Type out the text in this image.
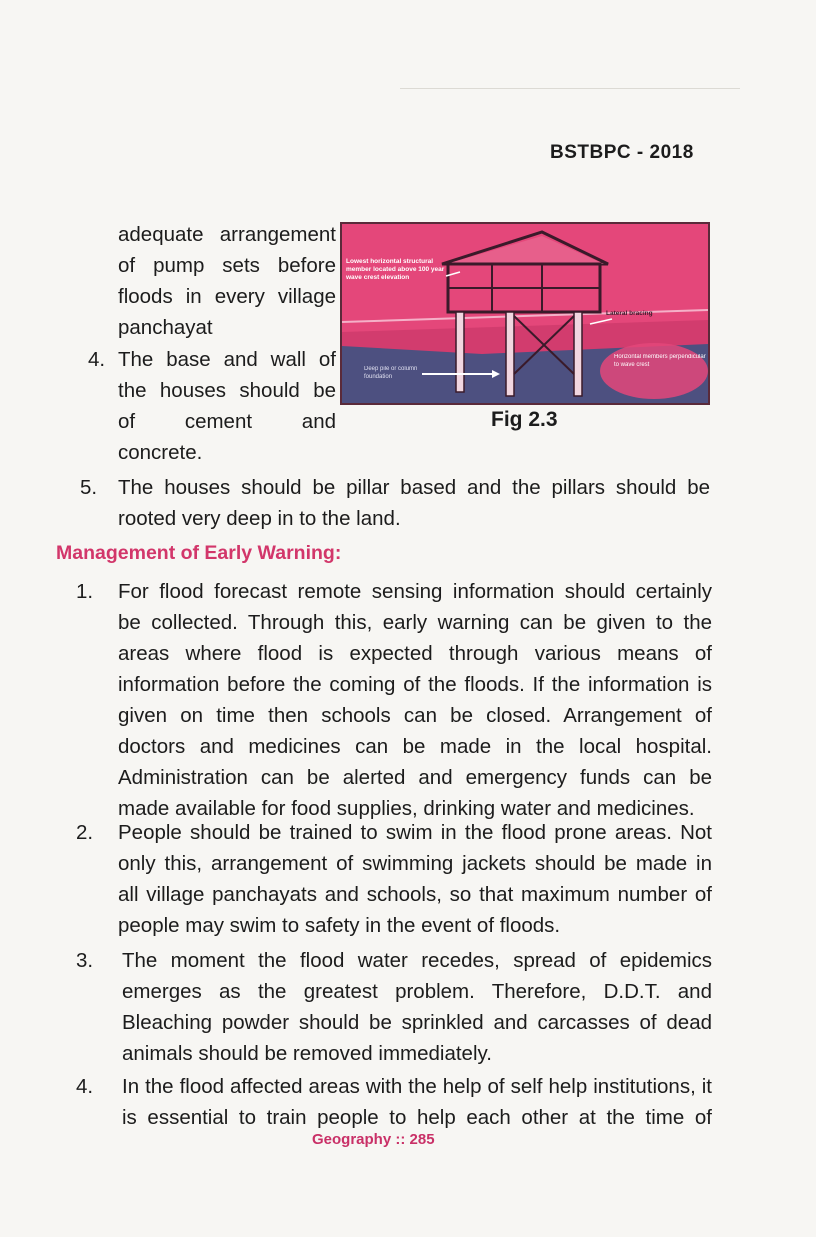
BSTBPC - 2018
adequate arrangement
of pump sets before
floods in every village
panchayat
4. The base and wall of
the houses should be
of cement and
concrete.
Lowest horizontal structural member located above 100 year wave crest elevation
Lateral bracing
Deep pile or column foundation
Horizontal members perpendicular to wave crest
Fig 2.3
5.	The houses should be pillar based and the pillars should be
rooted very deep in to the land.
Management of Early Warning:
1.	For flood forecast remote sensing information should certainly
be collected. Through this, early warning can be given to the
areas where flood is expected through various means of
information before the coming of the floods. If the information is
given on time then schools can be closed. Arrangement of
doctors and medicines can be made in the local hospital.
Administration can be alerted and emergency funds can be
made available for food supplies, drinking water and medicines.
2.	People should be trained to swim in the flood prone areas. Not
only this, arrangement of swimming jackets should be made in
all village panchayats and schools, so that maximum number of
people may swim to safety in the event of floods.
3.	The moment the flood water recedes, spread of epidemics
emerges as the greatest problem. Therefore, D.D.T. and
Bleaching powder should be sprinkled and carcasses of dead
animals should be removed immediately.
4.	In the flood affected areas with the help of self help institutions, it
is essential to train people to help each other at the time of
Geography :: 285
